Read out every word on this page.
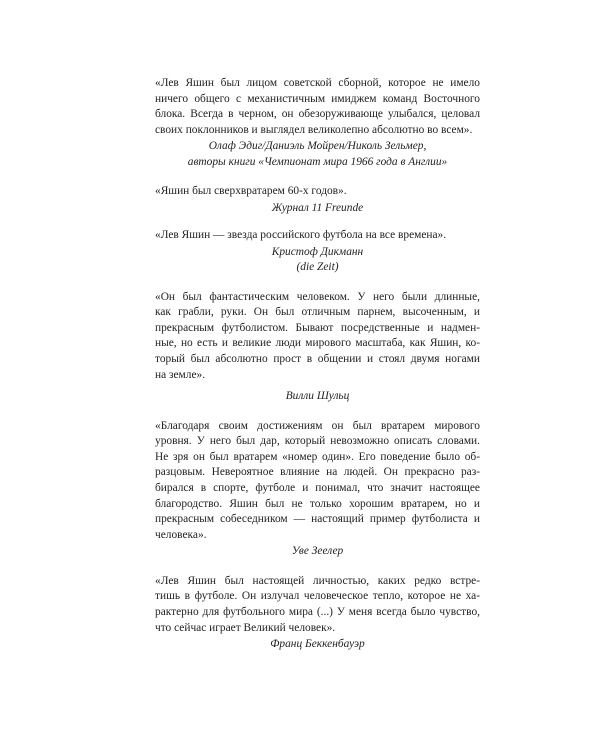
«Лев Яшин был лицом советской сборной, которое не имело
ничего общего с механистичным имиджем команд Восточного
блока. Всегда в черном, он обезоруживающе улыбался, целовал
своих поклонников и выглядел великолепно абсолютно во всем».

Олаф Эдиг/Даниэль Мойрен/Николь Зельмер,
авторы книги «Чемпионат мира 1966 года в Англии»

«Яшин был сверхвратарем 60-х годов».

Журнал 11 Freunde

«Лев Яшин — звезда российского футбола на все времена».

Кристоф Дикманн
(die Zeit)

«Он был фантастическим человеком. У него были длинные,
как грабли, руки. Он был отличным парнем, высоченным, и
прекрасным футболистом. Бывают посредственные и надмен-
ные, но есть и великие люди мирового масштаба, как Яшин, ко-
торый был абсолютно прост в общении и стоял двумя ногами
на земле».

Вилли Шульц

«Благодаря своим достижениям он был вратарем мирового
уровня. У него был дар, который невозможно описать словами.
Не зря он был вратарем «номер один». Его поведение было об-
разцовым. Невероятное влияние на людей. Он прекрасно раз-
бирался в спорте, футболе и понимал, что значит настоящее
благородство. Яшин был не только хорошим вратарем, но и
прекрасным собеседником — настоящий пример футболиста и
человека».

Уве Зеелер

«Лев Яшин был настоящей личностью, каких редко встре-
тишь в футболе. Он излучал человеческое тепло, которое не ха-
рактерно для футбольного мира (...) У меня всегда было чувство,
что сейчас играет Великий человек».

Франц Беккенбауэр
